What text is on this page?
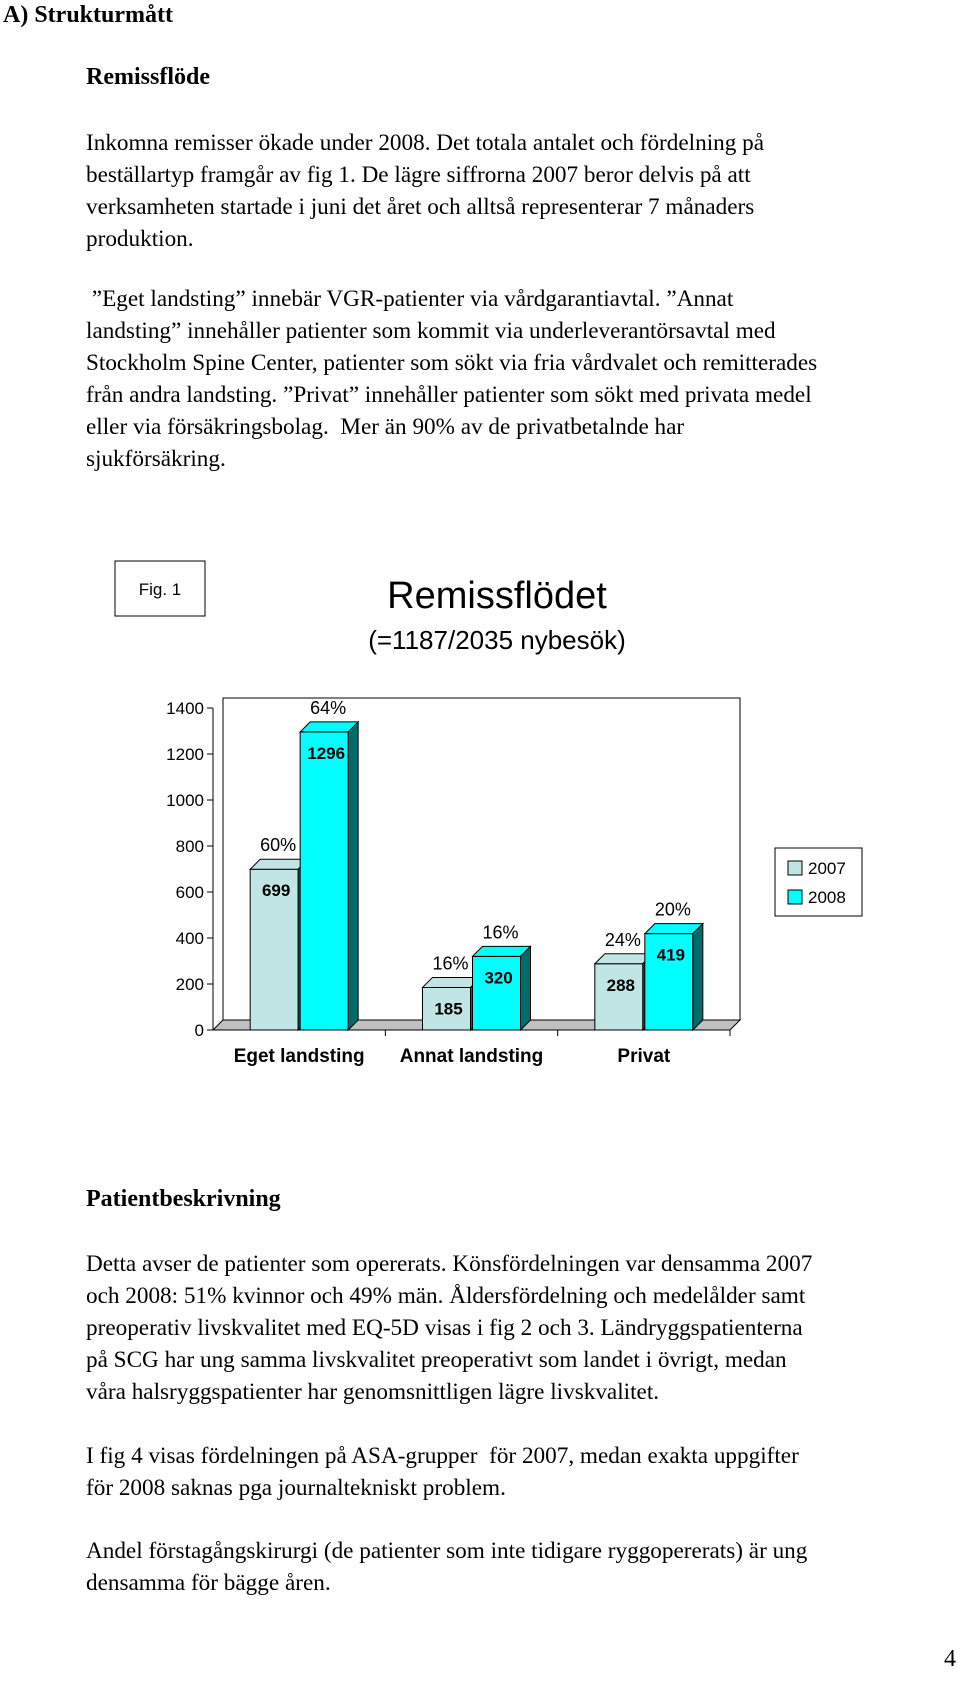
A) Strukturmått
Remissflöde
Inkomna remisser ökade under 2008. Det totala antalet och fördelning på
beställartyp framgår av fig 1. De lägre siffrorna 2007 beror delvis på att
verksamheten startade i juni det året och alltså representerar 7 månaders
produktion.
”Eget landsting” innebär VGR-patienter via vårdgarantiavtal. ”Annat
landsting” innehåller patienter som kommit via underleverantörsavtal med
Stockholm Spine Center, patienter som sökt via fria vårdvalet och remitterades
från andra landsting. ”Privat” innehåller patienter som sökt med privata medel
eller via försäkringsbolag.  Mer än 90% av de privatbetalnde har
sjukförsäkring.
Fig. 1	Remissflödet
(=1187/2035 nybesök)
0
200
400
600
800
1000
1200
1400
699
60%
1296
64%
185
16%
320
16%
288
24%
419
20%
Eget landsting Annat landsting	Privat
2007
2008
Patientbeskrivning
Detta avser de patienter som opererats. Könsfördelningen var densamma 2007
och 2008: 51% kvinnor och 49% män. Åldersfördelning och medelålder samt
preoperativ livskvalitet med EQ-5D visas i fig 2 och 3. Ländryggspatienterna
på SCG har ung samma livskvalitet preoperativt som landet i övrigt, medan
våra halsryggspatienter har genomsnittligen lägre livskvalitet.
I fig 4 visas fördelningen på ASA-grupper  för 2007, medan exakta uppgifter
för 2008 saknas pga journaltekniskt problem.
Andel förstagångskirurgi (de patienter som inte tidigare ryggopererats) är ung
densamma för bägge åren.
4
